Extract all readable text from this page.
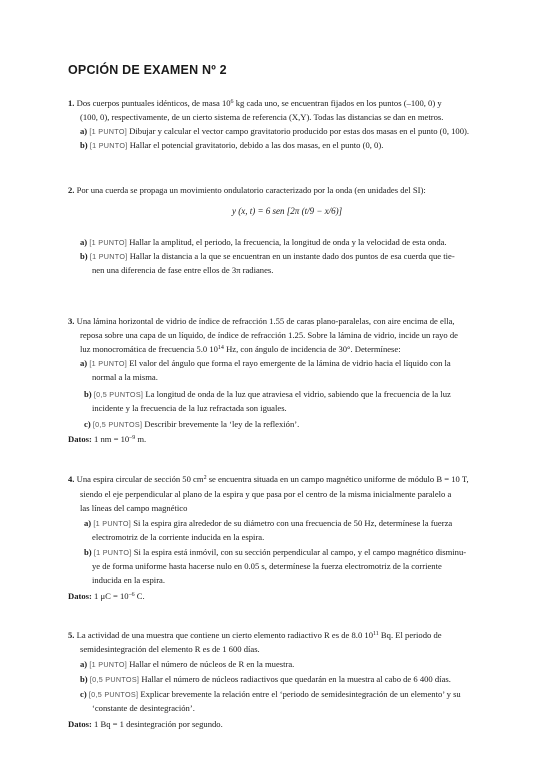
OPCIÓN DE EXAMEN Nº 2
1. Dos cuerpos puntuales idénticos, de masa $10^6$ kg cada uno, se encuentran fijados en los puntos (–100, 0) y
(100, 0), respectivamente, de un cierto sistema de referencia (X,Y). Todas las distancias se dan en metros.
a) [1 PUNTO] Dibujar y calcular el vector campo gravitatorio producido por estas dos masas en el punto (0, 100).
b) [1 PUNTO] Hallar el potencial gravitatorio, debido a las dos masas, en el punto (0, 0).
2. Por una cuerda se propaga un movimiento ondulatorio caracterizado por la onda (en unidades del SI):
y (x, t) = 6 sen [2π (t/9 − x/6)]
a) [1 PUNTO] Hallar la amplitud, el periodo, la frecuencia, la longitud de onda y la velocidad de esta onda.
b) [1 PUNTO] Hallar la distancia a la que se encuentran en un instante dado dos puntos de esa cuerda que tie-
nen una diferencia de fase entre ellos de 3π radianes.
3. Una lámina horizontal de vidrio de índice de refracción 1.55 de caras plano-paralelas, con aire encima de ella,
reposa sobre una capa de un líquido, de índice de refracción 1.25. Sobre la lámina de vidrio, incide un rayo de
luz monocromática de frecuencia 5.0 $10^{14}$ Hz, con ángulo de incidencia de 30°. Determínese:
a) [1 PUNTO] El valor del ángulo que forma el rayo emergente de la lámina de vidrio hacia el líquido con la
normal a la misma.
b) [0,5 PUNTOS] La longitud de onda de la luz que atraviesa el vidrio, sabiendo que la frecuencia de la luz
incidente y la frecuencia de la luz refractada son iguales.
c) [0,5 PUNTOS] Describir brevemente la ‘ley de la reflexión’.
Datos: 1 nm = $10^{-9}$ m.
4. Una espira circular de sección 50 $cm^2$ se encuentra situada en un campo magnético uniforme de módulo B = 10 T,
siendo el eje perpendicular al plano de la espira y que pasa por el centro de la misma inicialmente paralelo a
las líneas del campo magnético
a) [1 PUNTO] Si la espira gira alrededor de su diámetro con una frecuencia de 50 Hz, determínese la fuerza
electromotriz de la corriente inducida en la espira.
b) [1 PUNTO] Si la espira está inmóvil, con su sección perpendicular al campo, y el campo magnético disminu-
ye de forma uniforme hasta hacerse nulo en 0.05 s, determínese la fuerza electromotriz de la corriente
inducida en la espira.
Datos: 1 $\mu C = 10^{-6}$ C.
5. La actividad de una muestra que contiene un cierto elemento radiactivo R es de 8.0 $10^{11}$ Bq. El periodo de
semidesintegración del elemento R es de 1 600 días.
a) [1 PUNTO] Hallar el número de núcleos de R en la muestra.
b) [0,5 PUNTOS] Hallar el número de núcleos radiactivos que quedarán en la muestra al cabo de 6 400 días.
c) [0,5 PUNTOS] Explicar brevemente la relación entre el ‘periodo de semidesintegración de un elemento’ y su
‘constante de desintegración’.
Datos: 1 Bq = 1 desintegración por segundo.
